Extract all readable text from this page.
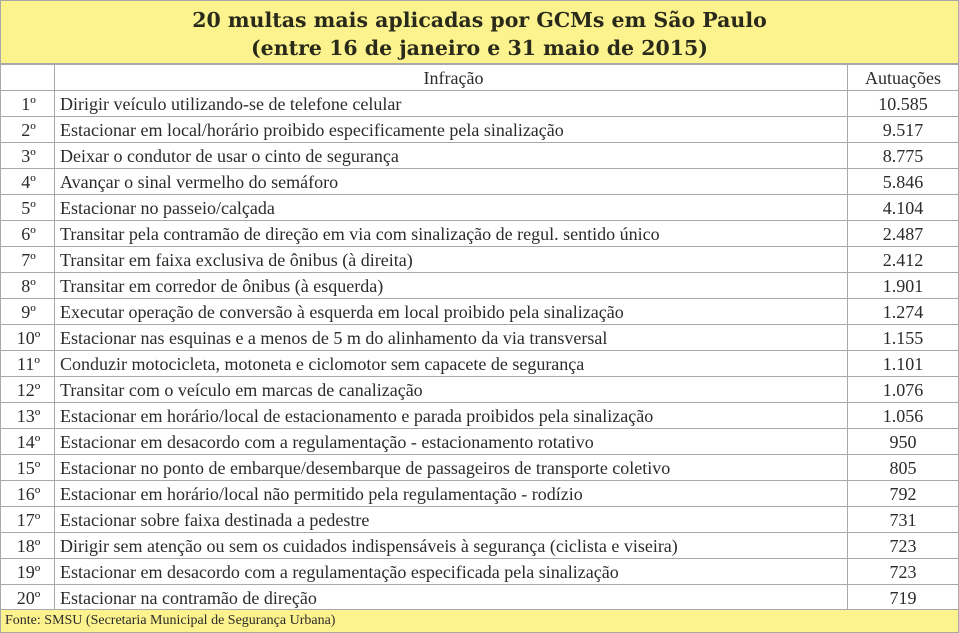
20 multas mais aplicadas por GCMs em São Paulo
(entre 16 de janeiro e 31 maio de 2015)
	Infração	Autuações
1º	Dirigir veículo utilizando-se de telefone celular	10.585
2º	Estacionar em local/horário proibido especificamente pela sinalização	9.517
3º	Deixar o condutor de usar o cinto de segurança	8.775
4º	Avançar o sinal vermelho do semáforo	5.846
5º	Estacionar no passeio/calçada	4.104
6º	Transitar pela contramão de direção em via com sinalização de regul. sentido único	2.487
7º	Transitar em faixa exclusiva de ônibus (à direita)	2.412
8º	Transitar em corredor de ônibus (à esquerda)	1.901
9º	Executar operação de conversão à esquerda em local proibido pela sinalização	1.274
10º	Estacionar nas esquinas e a menos de 5 m do alinhamento da via transversal	1.155
11º	Conduzir motocicleta, motoneta e ciclomotor sem capacete de segurança	1.101
12º	Transitar com o veículo em marcas de canalização	1.076
13º	Estacionar em horário/local de estacionamento e parada proibidos pela sinalização	1.056
14º	Estacionar em desacordo com a regulamentação - estacionamento rotativo	950
15º	Estacionar no ponto de embarque/desembarque de passageiros de transporte coletivo	805
16º	Estacionar em horário/local não permitido pela regulamentação - rodízio	792
17º	Estacionar sobre faixa destinada a pedestre	731
18º	Dirigir sem atenção ou sem os cuidados indispensáveis à segurança (ciclista e viseira)	723
19º	Estacionar em desacordo com a regulamentação especificada pela sinalização	723
20º	Estacionar na contramão de direção	719
Fonte: SMSU (Secretaria Municipal de Segurança Urbana)
